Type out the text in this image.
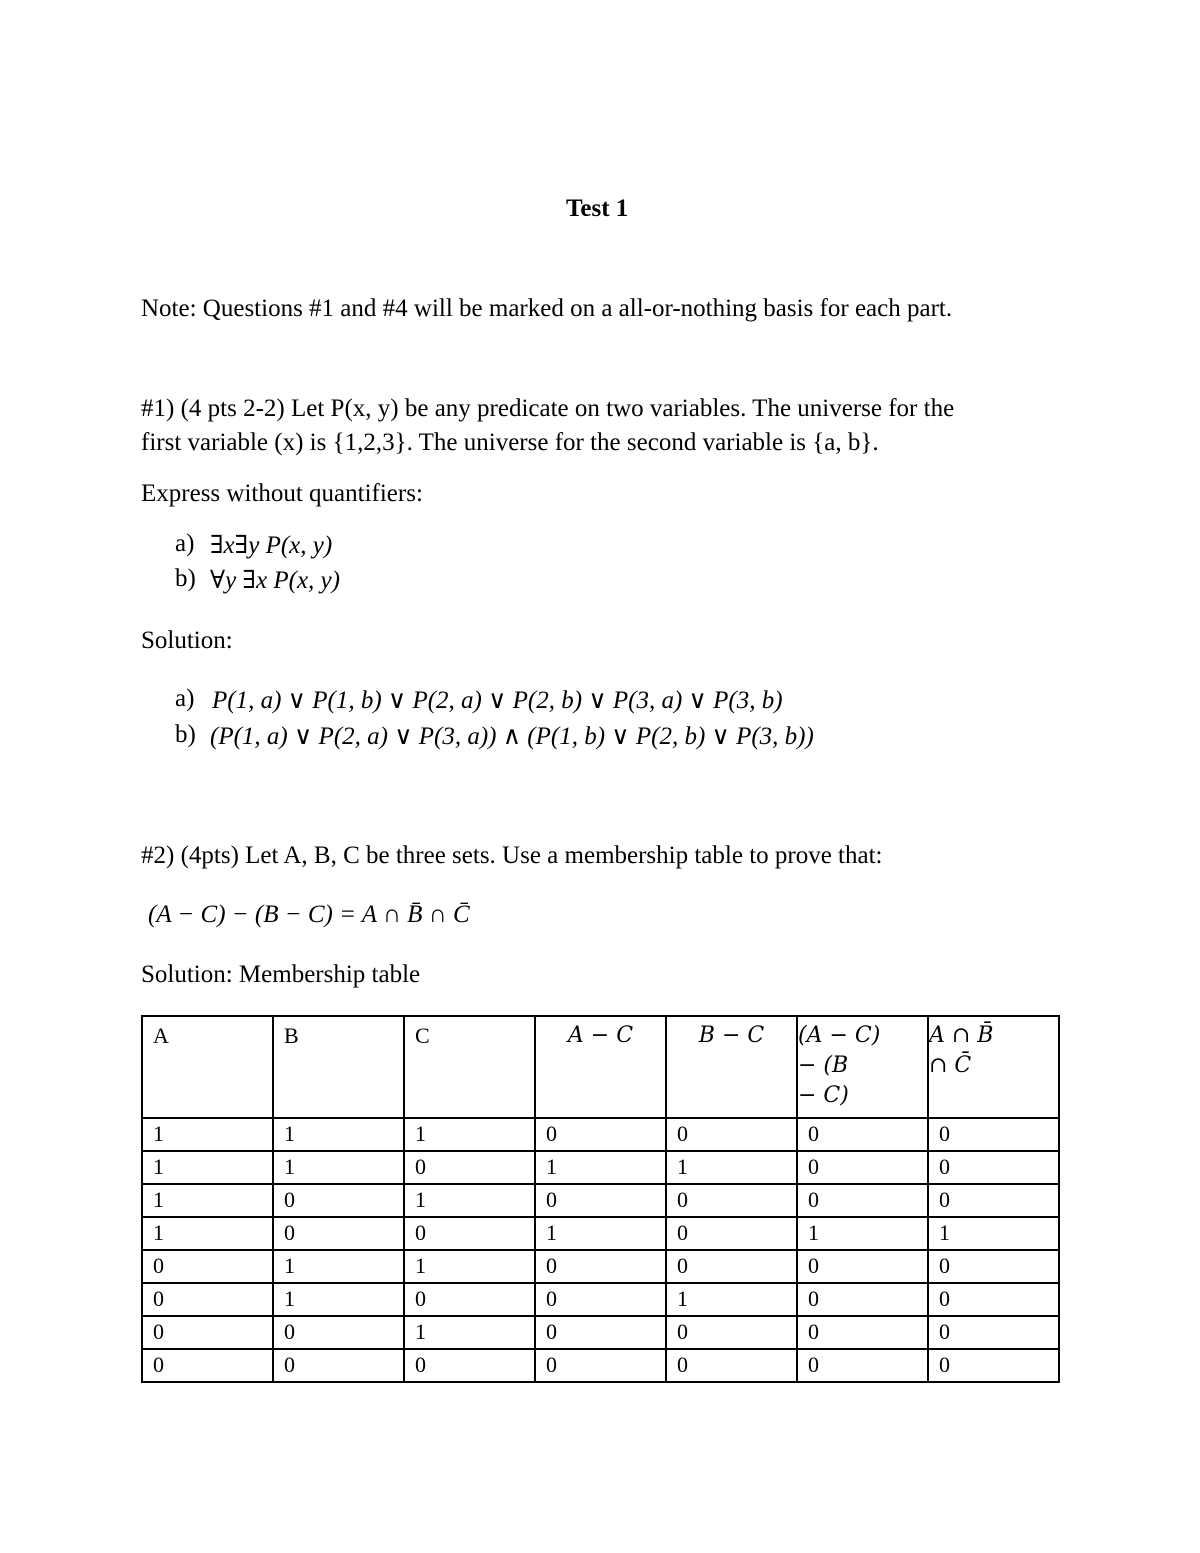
Test 1
Note: Questions #1 and #4 will be marked on a all-or-nothing basis for each part.
#1) (4 pts 2-2) Let P(x, y) be any predicate on two variables. The universe for the
first variable (x) is {1,2,3}. The universe for the second variable is {a, b}.
Express without quantifiers:
a) ∃x∃y P(x, y)
b) ∀y ∃x P(x, y)
Solution:
a) P(1, a) ∨ P(1, b) ∨ P(2, a) ∨ P(2, b) ∨ P(3, a) ∨ P(3, b)
b) (P(1, a) ∨ P(2, a) ∨ P(3, a)) ∧ (P(1, b) ∨ P(2, b) ∨ P(3, b))
#2) (4pts) Let A, B, C be three sets. Use a membership table to prove that:
(A − C) − (B − C) = A ∩ B̄ ∩ C̄
Solution: Membership table
A	B	C	A − C	B − C	(A − C)
− (B
− C)	A ∩ B̄
∩ C̄
1	1	1	0	0	0	0
1	1	0	1	1	0	0
1	0	1	0	0	0	0
1	0	0	1	0	1	1
0	1	1	0	0	0	0
0	1	0	0	1	0	0
0	0	1	0	0	0	0
0	0	0	0	0	0	0
